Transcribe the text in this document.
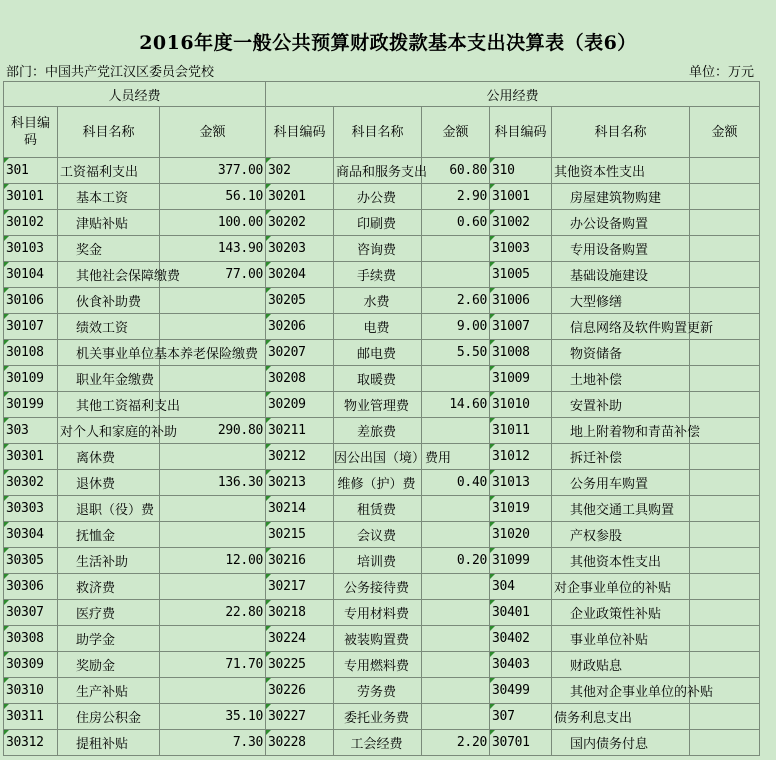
2016年度一般公共预算财政拨款基本支出决算表（表6）
部门：中国共产党江汉区委员会党校	单位：万元
人员经费			公用经费					
科目编码	科目名称	金额	科目编码	科目名称	金额	科目编码	科目名称	金额
301	工资福利支出	377.00	302	商品和服务支出	60.80	310	其他资本性支出	
30101	基本工资	56.10	30201	办公费	2.90	31001	房屋建筑物购建	
30102	津贴补贴	100.00	30202	印刷费	0.60	31002	办公设备购置	
30103	奖金	143.90	30203	咨询费		31003	专用设备购置	
30104	其他社会保障缴费	77.00	30204	手续费		31005	基础设施建设	
30106	伙食补助费		30205	水费	2.60	31006	大型修缮	
30107	绩效工资		30206	电费	9.00	31007	信息网络及软件购置更新	
30108	机关事业单位基本养老保险缴费		30207	邮电费	5.50	31008	物资储备	
30109	职业年金缴费		30208	取暖费		31009	土地补偿	
30199	其他工资福利支出		30209	物业管理费	14.60	31010	安置补助	
303	对个人和家庭的补助	290.80	30211	差旅费		31011	地上附着物和青苗补偿	
30301	离休费		30212	因公出国（境）费用		31012	拆迁补偿	
30302	退休费	136.30	30213	维修（护）费	0.40	31013	公务用车购置	
30303	退职（役）费		30214	租赁费		31019	其他交通工具购置	
30304	抚恤金		30215	会议费		31020	产权参股	
30305	生活补助	12.00	30216	培训费	0.20	31099	其他资本性支出	
30306	救济费		30217	公务接待费		304	对企事业单位的补贴	
30307	医疗费	22.80	30218	专用材料费		30401	企业政策性补贴	
30308	助学金		30224	被装购置费		30402	事业单位补贴	
30309	奖励金	71.70	30225	专用燃料费		30403	财政贴息	
30310	生产补贴		30226	劳务费		30499	其他对企事业单位的补贴	
30311	住房公积金	35.10	30227	委托业务费		307	债务利息支出	
30312	提租补贴	7.30	30228	工会经费	2.20	30701	国内债务付息	
